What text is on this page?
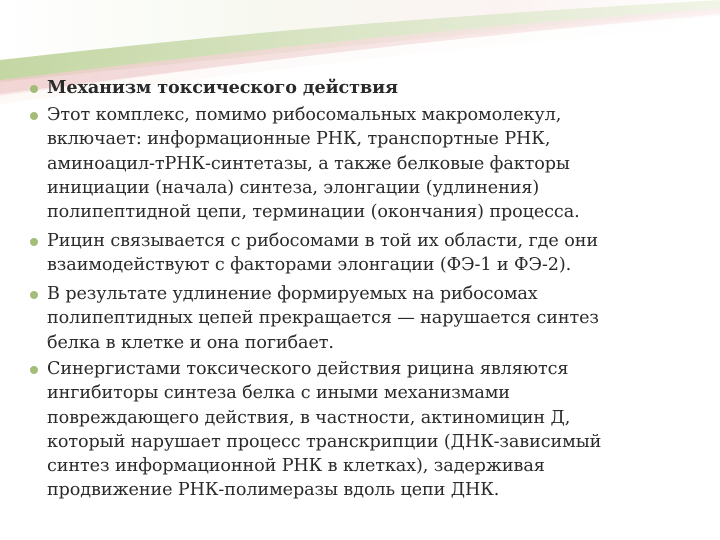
Механизм токсического действия
Этот комплекс, помимо рибосомальных макромолекул,
включает: информационные РНК, транспортные РНК,
аминоацил-тРНК-синтетазы, а также белковые факторы
инициации (начала) синтеза, элонгации (удлинения)
полипептидной цепи, терминации (окончания) процесса.
Рицин связывается с рибосомами в той их области, где они
взаимодействуют с факторами элонгации (ФЭ-1 и ФЭ-2).
В результате удлинение формируемых на рибосомах
полипептидных цепей прекращается — нарушается синтез
белка в клетке и она погибает.
Синергистами токсического действия рицина являются
ингибиторы синтеза белка с иными механизмами
повреждающего действия, в частности, актиномицин Д,
который нарушает процесс транскрипции (ДНК-зависимый
синтез информационной РНК в клетках), задерживая
продвижение РНК-полимеразы вдоль цепи ДНК.
